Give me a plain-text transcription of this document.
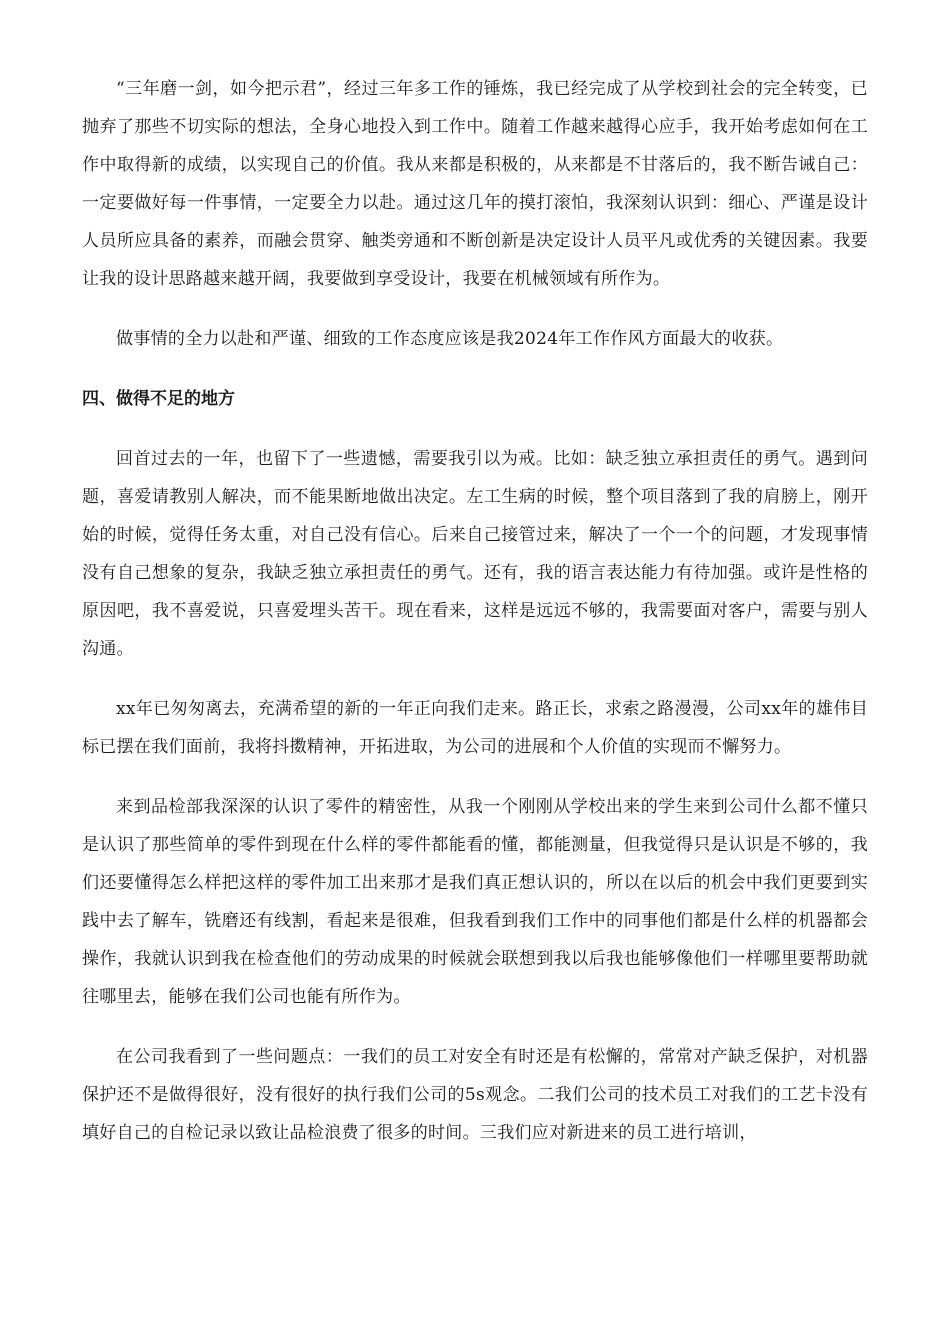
“三年磨一剑，如今把示君”，经过三年多工作的锤炼，我已经完成了从学校到社会的完全转变，已抛弃了那些不切实际的想法，全身心地投入到工作中。随着工作越来越得心应手，我开始考虑如何在工作中取得新的成绩，以实现自己的价值。我从来都是积极的，从来都是不甘落后的，我不断告诫自己：一定要做好每一件事情，一定要全力以赴。通过这几年的摸打滚怕，我深刻认识到：细心、严谨是设计人员所应具备的素养，而融会贯穿、触类旁通和不断创新是决定设计人员平凡或优秀的关键因素。我要让我的设计思路越来越开阔，我要做到享受设计，我要在机械领域有所作为。

做事情的全力以赴和严谨、细致的工作态度应该是我2024年工作作风方面最大的收获。

四、做得不足的地方

回首过去的一年，也留下了一些遗憾，需要我引以为戒。比如：缺乏独立承担责任的勇气。遇到问题，喜爱请教别人解决，而不能果断地做出决定。左工生病的时候，整个项目落到了我的肩膀上，刚开始的时候，觉得任务太重，对自己没有信心。后来自己接管过来，解决了一个一个的问题，才发现事情没有自己想象的复杂，我缺乏独立承担责任的勇气。还有，我的语言表达能力有待加强。或许是性格的原因吧，我不喜爱说，只喜爱埋头苦干。现在看来，这样是远远不够的，我需要面对客户，需要与别人沟通。

xx年已匆匆离去，充满希望的新的一年正向我们走来。路正长，求索之路漫漫，公司xx年的雄伟目标已摆在我们面前，我将抖擞精神，开拓进取，为公司的进展和个人价值的实现而不懈努力。

来到品检部我深深的认识了零件的精密性，从我一个刚刚从学校出来的学生来到公司什么都不懂只是认识了那些简单的零件到现在什么样的零件都能看的懂，都能测量，但我觉得只是认识是不够的，我们还要懂得怎么样把这样的零件加工出来那才是我们真正想认识的，所以在以后的机会中我们更要到实践中去了解车，铣磨还有线割，看起来是很难，但我看到我们工作中的同事他们都是什么样的机器都会操作，我就认识到我在检查他们的劳动成果的时候就会联想到我以后我也能够像他们一样哪里要帮助就往哪里去，能够在我们公司也能有所作为。

在公司我看到了一些问题点：一我们的员工对安全有时还是有松懈的，常常对产缺乏保护，对机器保护还不是做得很好，没有很好的执行我们公司的5s观念。二我们公司的技术员工对我们的工艺卡没有填好自己的自检记录以致让品检浪费了很多的时间。三我们应对新进来的员工进行培训，
